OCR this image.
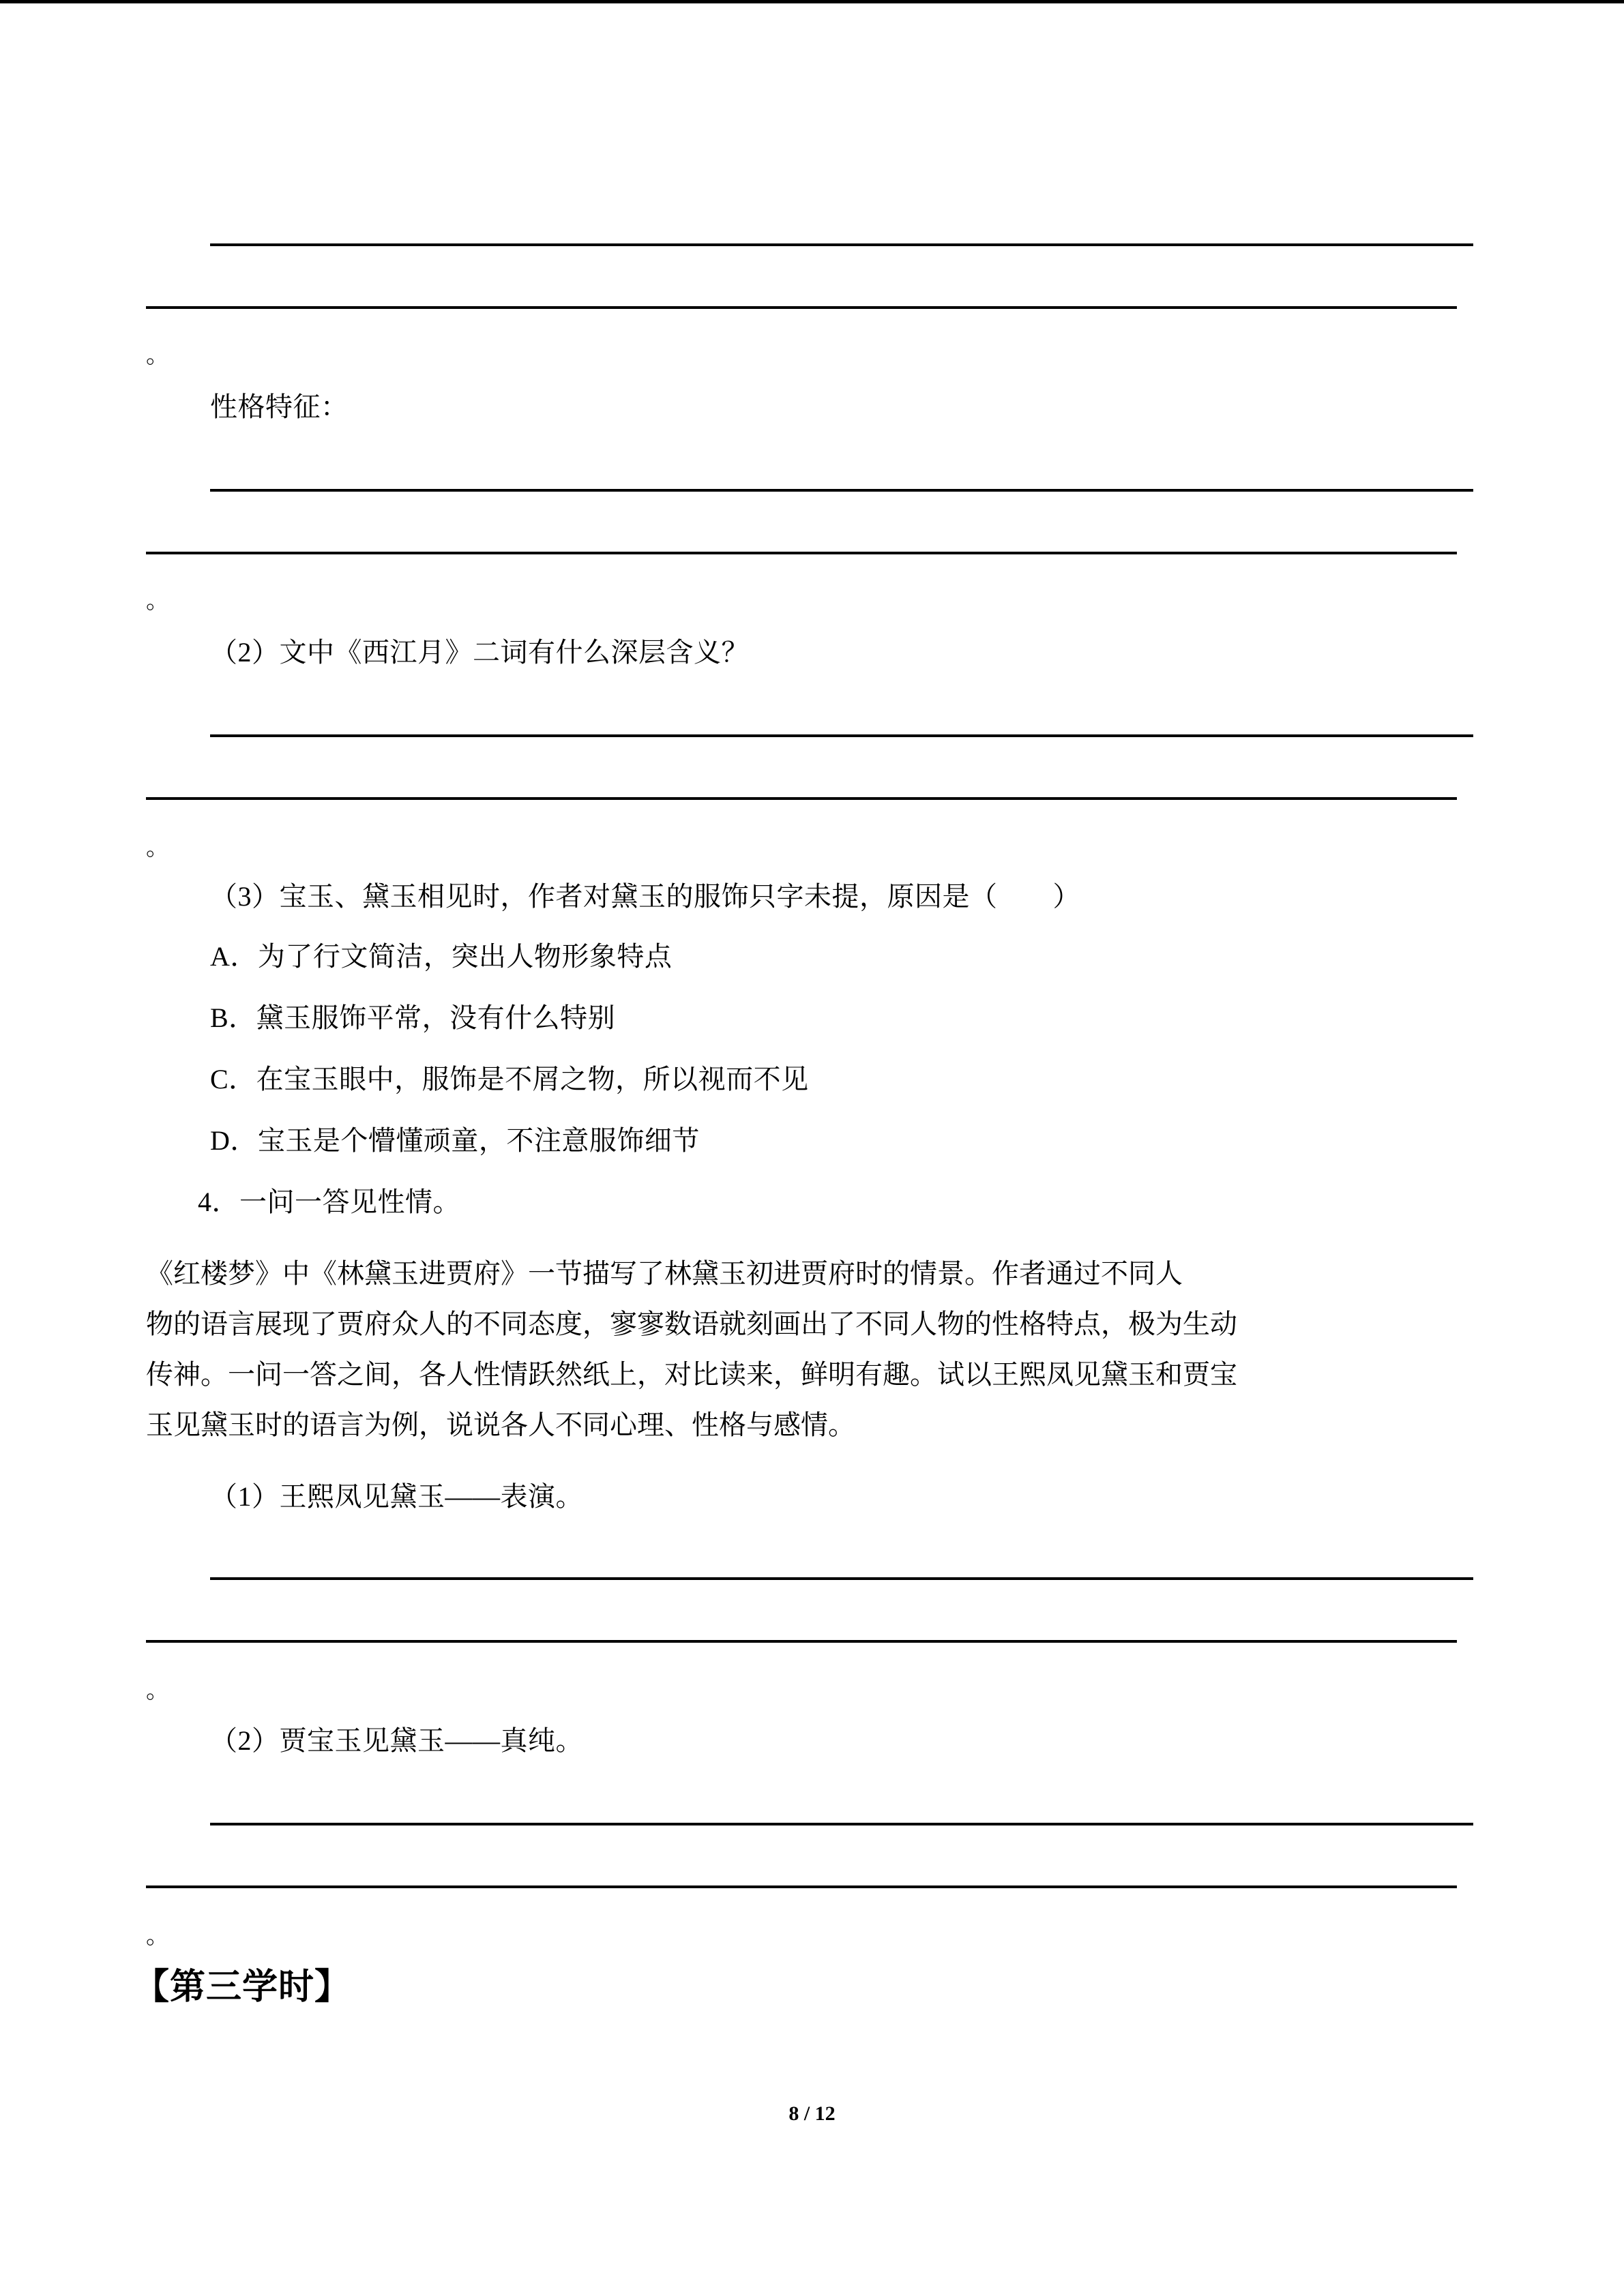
。
性格特征：
。
（2）文中《西江月》二词有什么深层含义？
。
（3）宝玉、黛玉相见时，作者对黛玉的服饰只字未提，原因是（　　）
A．为了行文简洁，突出人物形象特点
B．黛玉服饰平常，没有什么特别
C．在宝玉眼中，服饰是不屑之物，所以视而不见
D．宝玉是个懵懂顽童，不注意服饰细节
4．一问一答见性情。
《红楼梦》中《林黛玉进贾府》一节描写了林黛玉初进贾府时的情景。作者通过不同人
物的语言展现了贾府众人的不同态度，寥寥数语就刻画出了不同人物的性格特点，极为生动
传神。一问一答之间，各人性情跃然纸上，对比读来，鲜明有趣。试以王熙凤见黛玉和贾宝
玉见黛玉时的语言为例，说说各人不同心理、性格与感情。
（1）王熙凤见黛玉——表演。
。
（2）贾宝玉见黛玉——真纯。
。
【第三学时】
8 / 12
